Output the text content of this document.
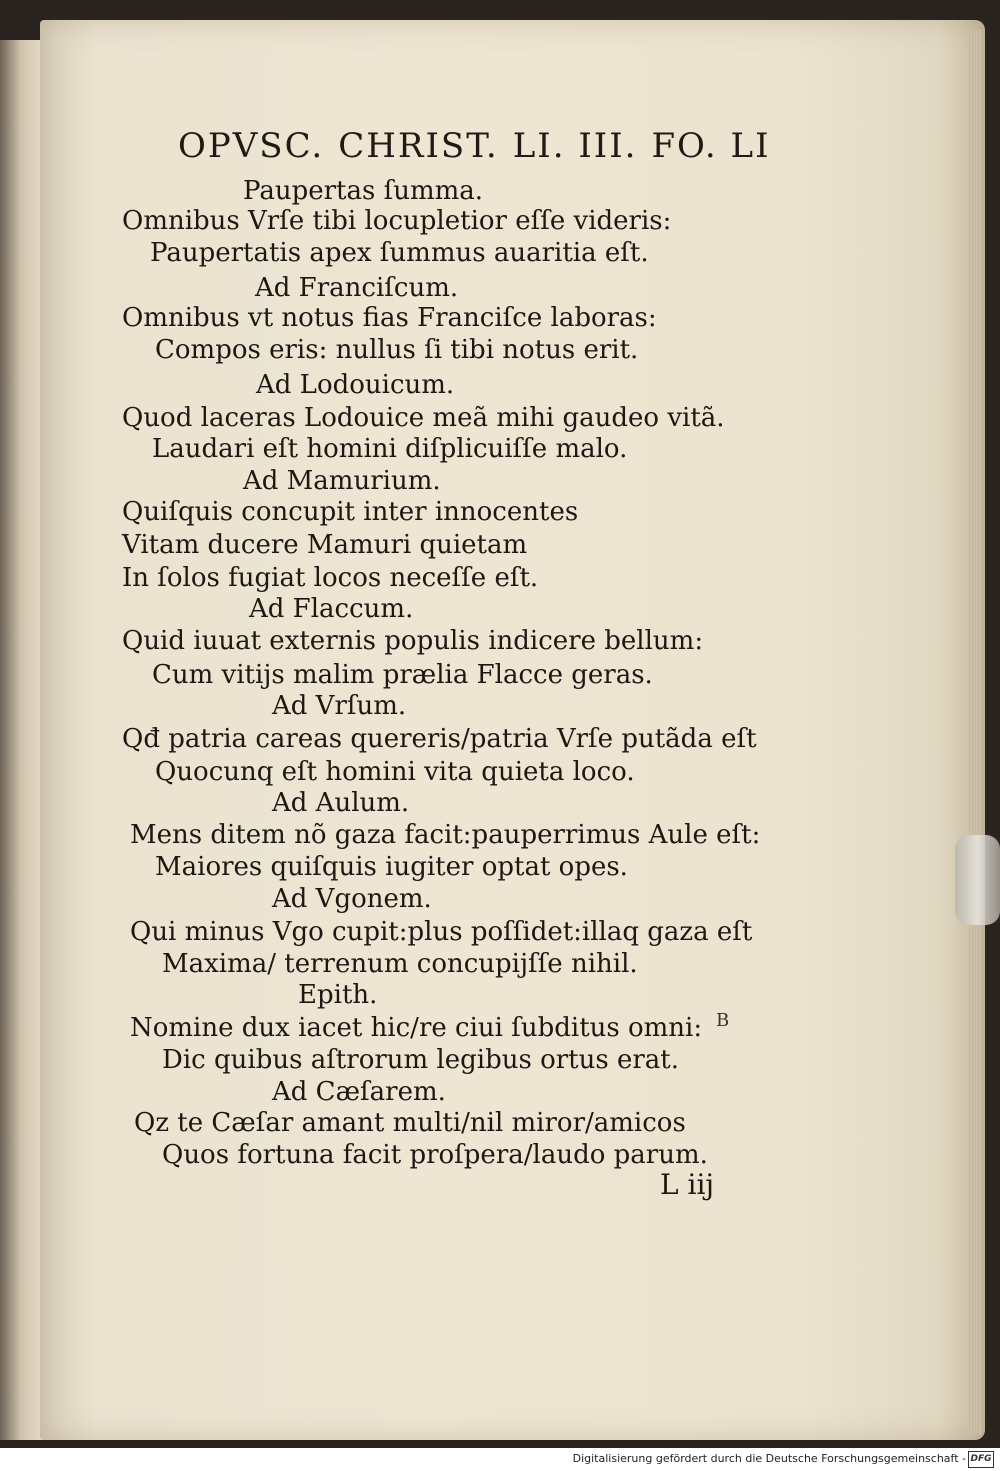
OPVSC. CHRIST. LI. III. FO. LI
Paupertas ſumma.
Omnibus Vrſe tibi locupletior eſſe videris:
Paupertatis apex ſummus auaritia eſt.
Ad Franciſcum.
Omnibus vt notus fias Franciſce laboras:
Compos eris: nullus ſi tibi notus erit.
Ad Lodouicum.
Quod laceras Lodouice meã mihi gaudeo vitã.
Laudari eſt homini diſplicuiſſe malo.
Ad Mamurium.
Quiſquis concupit inter innocentes
Vitam ducere Mamuri quietam
In ſolos fugiat locos neceſſe eſt.
Ad Flaccum.
Quid iuuat externis populis indicere bellum:
Cum vitijs malim prælia Flacce geras.
Ad Vrſum.
Qđ patria careas quereris/patria Vrſe putãda eſt
Quocunq eſt homini vita quieta loco.
Ad Aulum.
Mens ditem nõ gaza facit:pauperrimus Aule eſt:
Maiores quiſquis iugiter optat opes.
Ad Vgonem.
Qui minus Vgo cupit:plus poſſidet:illaq gaza eſt
Maxima/ terrenum concupijſſe nihil.
Epith.
Nomine dux iacet hic/re ciui ſubditus omni:
Dic quibus aſtrorum legibus ortus erat.
Ad Cæſarem.
Qz te Cæſar amant multi/nil miror/amicos
Quos fortuna facit proſpera/laudo parum.
B
L iij
Digitalisierung gefördert durch die Deutsche Forschungsgemeinschaft - DFG
